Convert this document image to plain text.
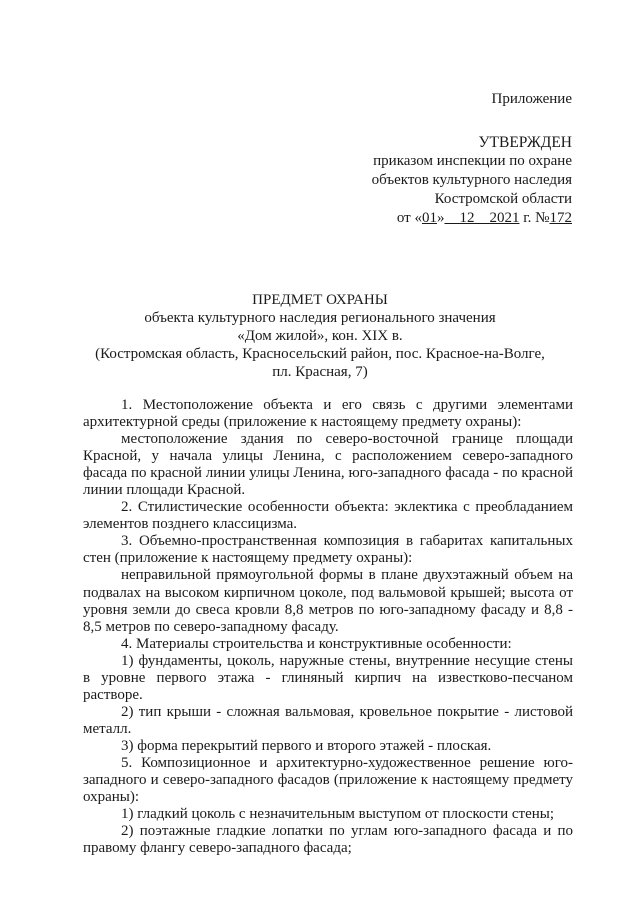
Приложение
УТВЕРЖДЕН
приказом инспекции по охране
объектов культурного наследия
Костромской области
от «01» 12 2021 г. №172
ПРЕДМЕТ ОХРАНЫ
объекта культурного наследия регионального значения
«Дом жилой», кон. XIX в.
(Костромская область, Красносельский район, пос. Красное-на-Волге,
пл. Красная, 7)

1. Местоположение объекта и его связь с другими элементами архитектурной среды (приложение к настоящему предмету охраны):

местоположение здания по северо-восточной границе площади Красной, у начала улицы Ленина, с расположением северо-западного фасада по красной линии улицы Ленина, юго-западного фасада - по красной линии площади Красной.

2. Стилистические особенности объекта: эклектика с преобладанием элементов позднего классицизма.

3. Объемно-пространственная композиция в габаритах капитальных стен (приложение к настоящему предмету охраны):

неправильной прямоугольной формы в плане двухэтажный объем на подвалах на высоком кирпичном цоколе, под вальмовой крышей; высота от уровня земли до свеса кровли 8,8 метров по юго-западному фасаду и 8,8 - 8,5 метров по северо-западному фасаду.

4. Материалы строительства и конструктивные особенности:

1) фундаменты, цоколь, наружные стены, внутренние несущие стены в уровне первого этажа - глиняный кирпич на известково-песчаном растворе.

2) тип крыши - сложная вальмовая, кровельное покрытие - листовой металл.

3) форма перекрытий первого и второго этажей - плоская.

5. Композиционное и архитектурно-художественное решение юго-западного и северо-западного фасадов (приложение к настоящему предмету охраны):

1) гладкий цоколь с незначительным выступом от плоскости стены;

2) поэтажные гладкие лопатки по углам юго-западного фасада и по правому флангу северо-западного фасада;
